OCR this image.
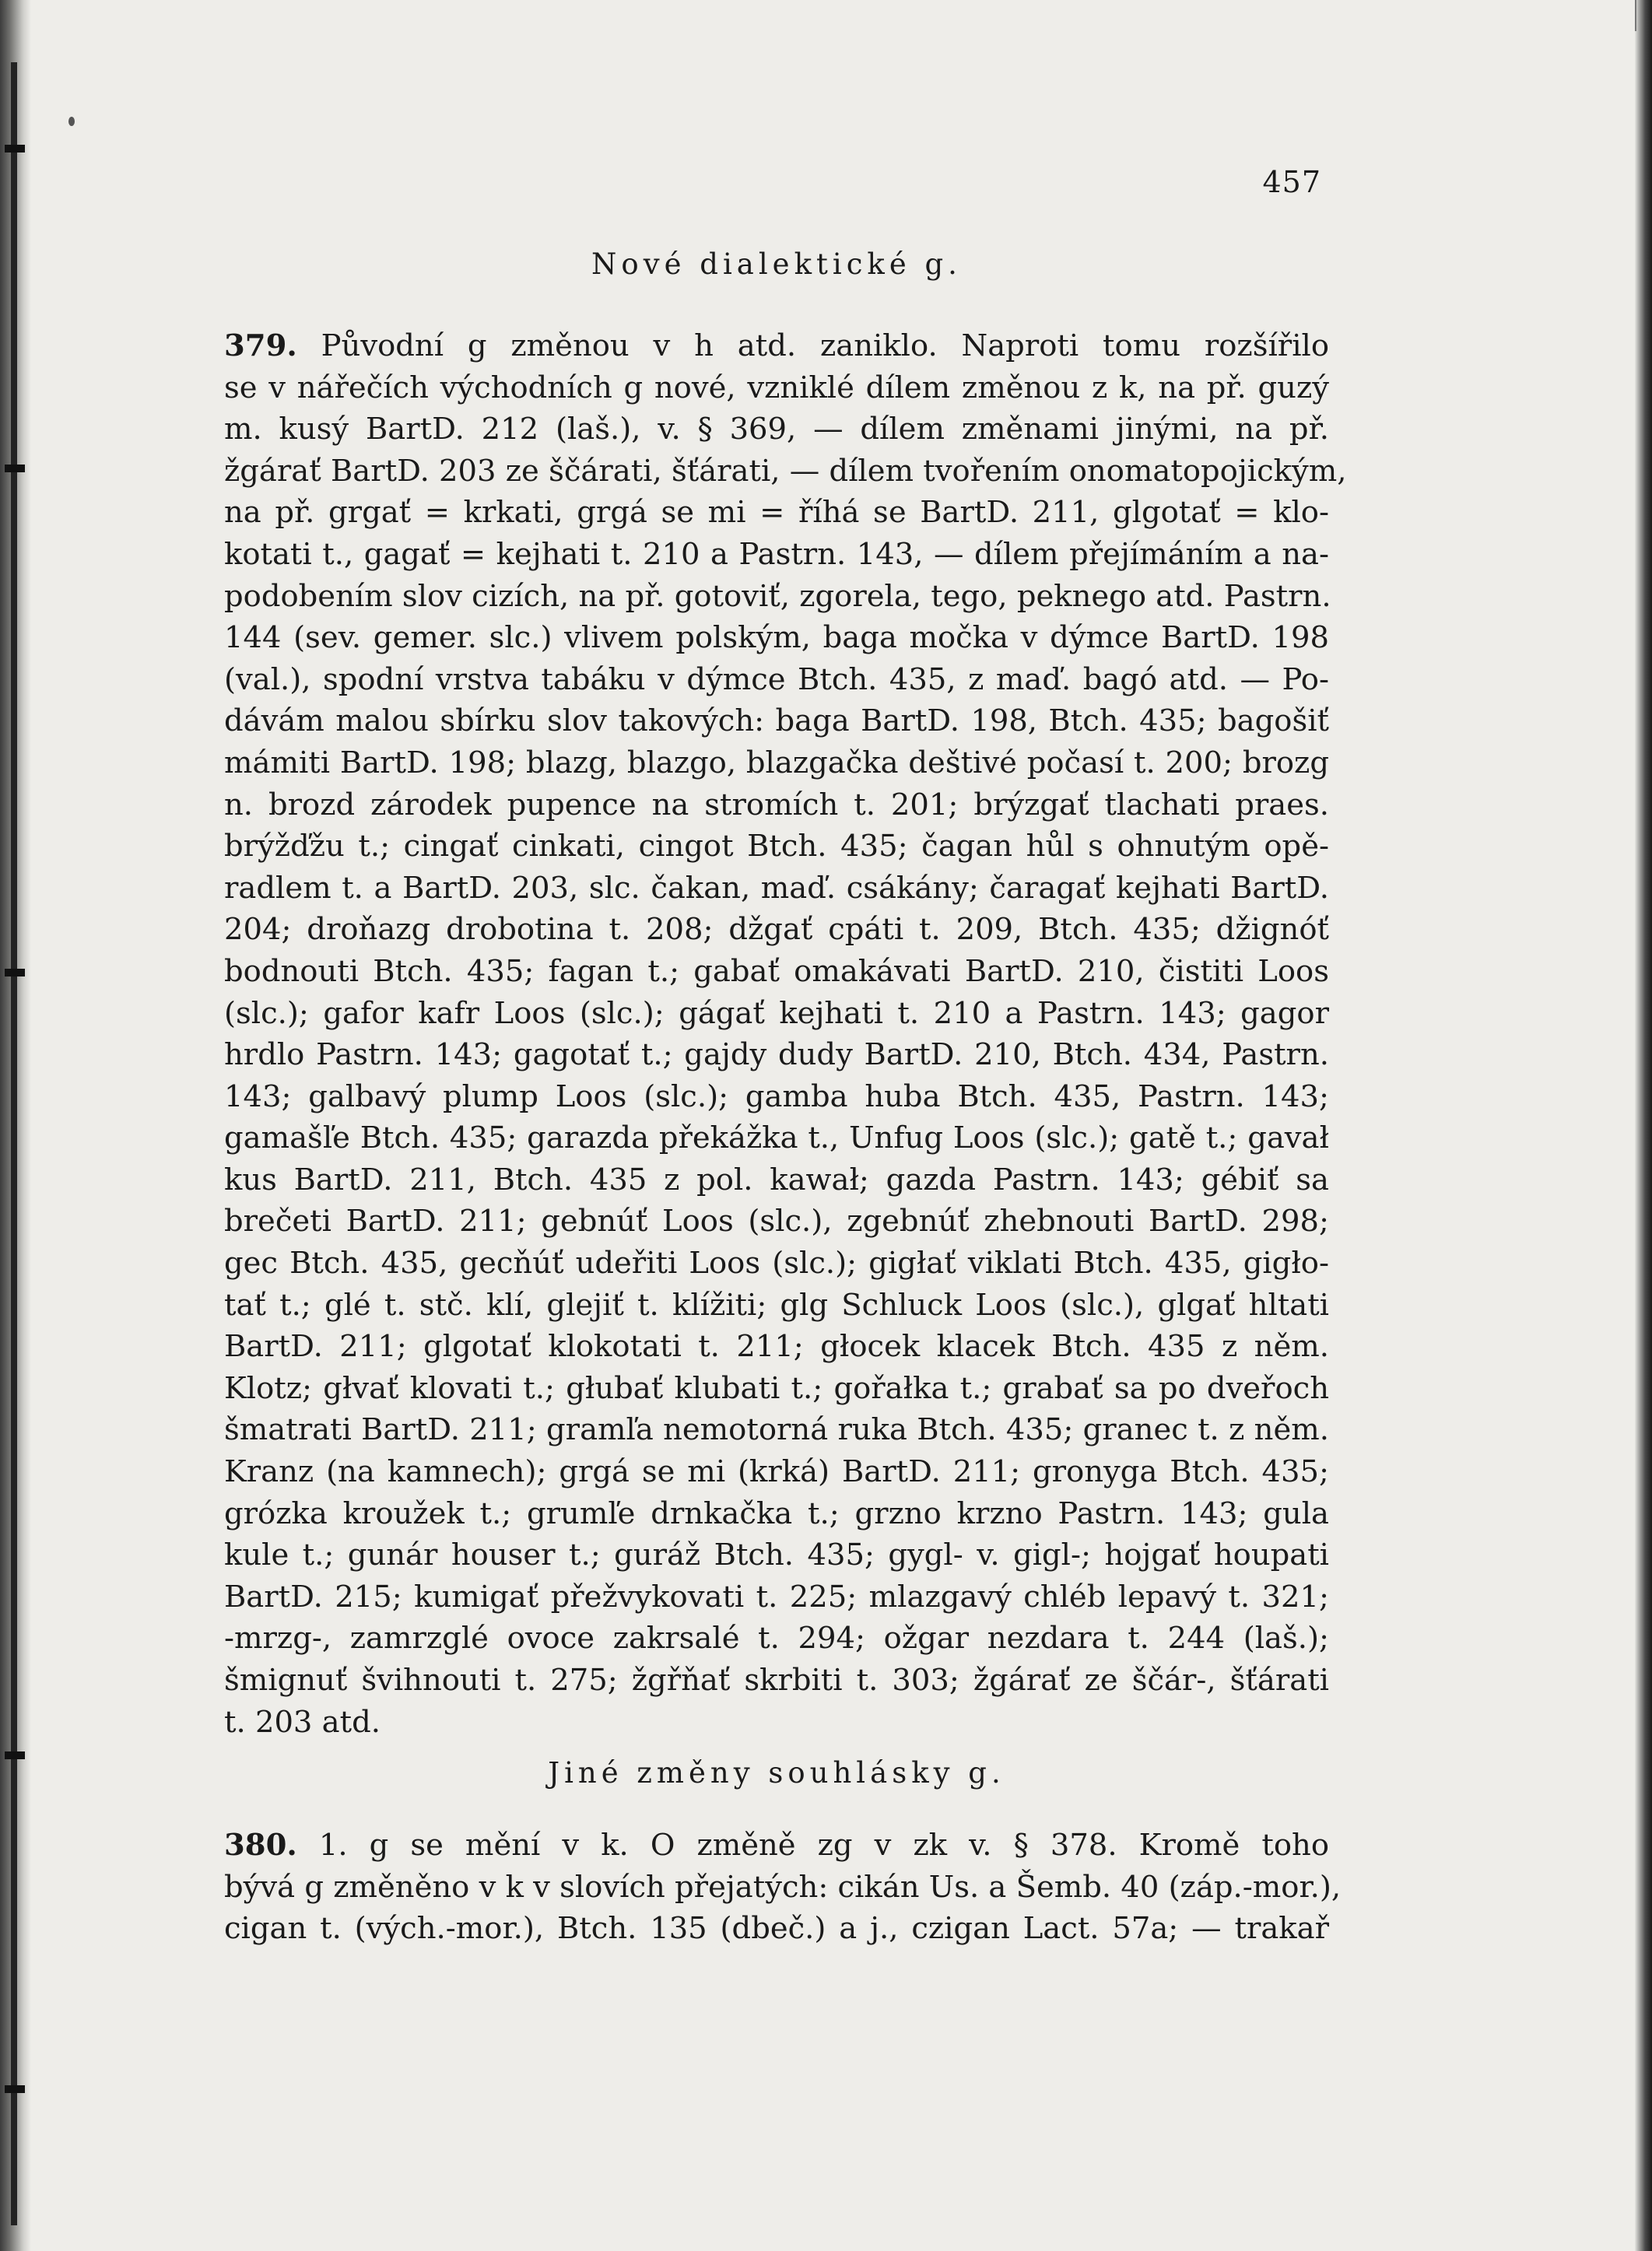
457
Nové dialektické g.
379. Původní g změnou v h atd. zaniklo. Naproti tomu rozšířilo
se v nářečích východních g nové, vzniklé dílem změnou z k, na př. guzý
m. kusý BartD. 212 (laš.), v. § 369, — dílem změnami jinými, na př.
žgárať BartD. 203 ze ščárati, šťárati, — dílem tvořením onomatopojickým,
na př. grgať = krkati, grgá se mi = říhá se BartD. 211, glgotať = klo-
kotati t., gagať = kejhati t. 210 a Pastrn. 143, — dílem přejímáním a na-
podobením slov cizích, na př. gotoviť, zgorela, tego, peknego atd. Pastrn.
144 (sev. gemer. slc.) vlivem polským, baga močka v dýmce BartD. 198
(val.), spodní vrstva tabáku v dýmce Btch. 435, z maď. bagó atd. — Po-
dávám malou sbírku slov takových: baga BartD. 198, Btch. 435; bagošiť
mámiti BartD. 198; blazg, blazgo, blazgačka deštivé počasí t. 200; brozg
n. brozd zárodek pupence na stromích t. 201; brýzgať tlachati praes.
brýžďžu t.; cingať cinkati, cingot Btch. 435; čagan hůl s ohnutým opě-
radlem t. a BartD. 203, slc. čakan, maď. csákány; čaragať kejhati BartD.
204; droňazg drobotina t. 208; džgať cpáti t. 209, Btch. 435; džignóť
bodnouti Btch. 435; fagan t.; gabať omakávati BartD. 210, čistiti Loos
(slc.); gafor kafr Loos (slc.); gágať kejhati t. 210 a Pastrn. 143; gagor
hrdlo Pastrn. 143; gagotať t.; gajdy dudy BartD. 210, Btch. 434, Pastrn.
143; galbavý plump Loos (slc.); gamba huba Btch. 435, Pastrn. 143;
gamašľe Btch. 435; garazda překážka t., Unfug Loos (slc.); gatě t.; gavał
kus BartD. 211, Btch. 435 z pol. kawał; gazda Pastrn. 143; gébiť sa
brečeti BartD. 211; gebnúť Loos (slc.), zgebnúť zhebnouti BartD. 298;
gec Btch. 435, gecňúť udeřiti Loos (slc.); gigłať viklati Btch. 435, gigło-
tať t.; glé t. stč. klí, glejiť t. klížiti; glg Schluck Loos (slc.), glgať hltati
BartD. 211; glgotať klokotati t. 211; głocek klacek Btch. 435 z něm.
Klotz; głvať klovati t.; głubať klubati t.; gořałka t.; grabať sa po dveřoch
šmatrati BartD. 211; gramľa nemotorná ruka Btch. 435; granec t. z něm.
Kranz (na kamnech); grgá se mi (krká) BartD. 211; gronyga Btch. 435;
grózka kroužek t.; grumľe drnkačka t.; grzno krzno Pastrn. 143; gula
kule t.; gunár houser t.; guráž Btch. 435; gygl- v. gigl-; hojgať houpati
BartD. 215; kumigať přežvykovati t. 225; mlazgavý chléb lepavý t. 321;
-mrzg-, zamrzglé ovoce zakrsalé t. 294; ožgar nezdara t. 244 (laš.);
šmignuť švihnouti t. 275; žgřňať skrbiti t. 303; žgárať ze ščár-, šťárati
t. 203 atd.
Jiné změny souhlásky g.
380. 1. g se mění v k. O změně zg v zk v. § 378. Kromě toho
bývá g změněno v k v slovích přejatých: cikán Us. a Šemb. 40 (záp.-mor.),
cigan t. (vých.-mor.), Btch. 135 (dbeč.) a j., czigan Lact. 57a; — trakař
